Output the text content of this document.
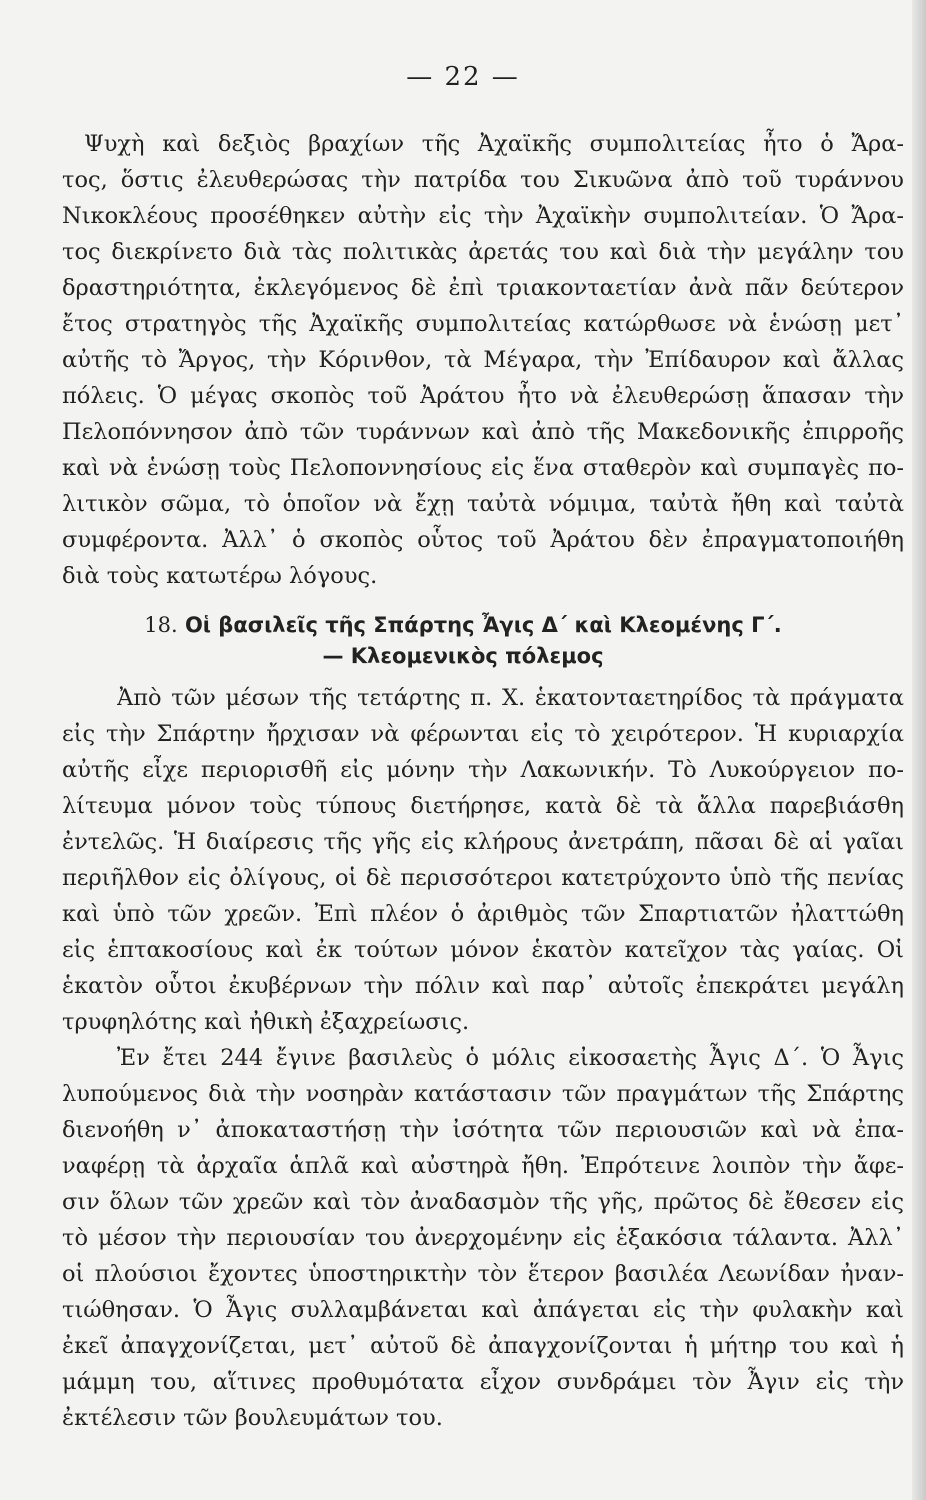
— 22 —
Ψυχὴ καὶ δεξιὸς βραχίων τῆς Ἀχαϊκῆς συμπολιτείας ἦτο ὁ Ἄρα-
τος, ὅστις ἐλευθερώσας τὴν πατρίδα του Σικυῶνα ἀπὸ τοῦ τυράννου
Νικοκλέους προσέθηκεν αὐτὴν εἰς τὴν Ἀχαϊκὴν συμπολιτείαν. Ὁ Ἄρα-
τος διεκρίνετο διὰ τὰς πολιτικὰς ἀρετάς του καὶ διὰ τὴν μεγάλην του
δραστηριότητα, ἐκλεγόμενος δὲ ἐπὶ τριακονταετίαν ἀνὰ πᾶν δεύτερον
ἔτος στρατηγὸς τῆς Ἀχαϊκῆς συμπολιτείας κατώρθωσε νὰ ἑνώσῃ μετ᾽
αὐτῆς τὸ Ἄργος, τὴν Κόρινθον, τὰ Μέγαρα, τὴν Ἐπίδαυρον καὶ ἄλλας
πόλεις. Ὁ μέγας σκοπὸς τοῦ Ἀράτου ἦτο νὰ ἐλευθερώσῃ ἅπασαν τὴν
Πελοπόννησον ἀπὸ τῶν τυράννων καὶ ἀπὸ τῆς Μακεδονικῆς ἐπιρροῆς
καὶ νὰ ἑνώσῃ τοὺς Πελοποννησίους εἰς ἕνα σταθερὸν καὶ συμπαγὲς πο-
λιτικὸν σῶμα, τὸ ὁποῖον νὰ ἔχῃ ταὐτὰ νόμιμα, ταὐτὰ ἤθη καὶ ταὐτὰ
συμφέροντα. Ἀλλ᾽ ὁ σκοπὸς οὗτος τοῦ Ἀράτου δὲν ἐπραγματοποιήθη
διὰ τοὺς κατωτέρω λόγους.
18. Οἱ βασιλεῖς τῆς Σπάρτης Ἆγις Δ΄ καὶ Κλεομένης Γ΄.
— Κλεομενικὸς πόλεμος
Ἀπὸ τῶν μέσων τῆς τετάρτης π. Χ. ἑκατονταετηρίδος τὰ πράγματα
εἰς τὴν Σπάρτην ἤρχισαν νὰ φέρωνται εἰς τὸ χειρότερον. Ἡ κυριαρχία
αὐτῆς εἶχε περιορισθῆ εἰς μόνην τὴν Λακωνικήν. Τὸ Λυκούργειον πο-
λίτευμα μόνον τοὺς τύπους διετήρησε, κατὰ δὲ τὰ ἄλλα παρεβιάσθη
ἐντελῶς. Ἡ διαίρεσις τῆς γῆς εἰς κλήρους ἀνετράπη, πᾶσαι δὲ αἱ γαῖαι
περιῆλθον εἰς ὀλίγους, οἱ δὲ περισσότεροι κατετρύχοντο ὑπὸ τῆς πενίας
καὶ ὑπὸ τῶν χρεῶν. Ἐπὶ πλέον ὁ ἀριθμὸς τῶν Σπαρτιατῶν ἠλαττώθη
εἰς ἑπτακοσίους καὶ ἐκ τούτων μόνον ἑκατὸν κατεῖχον τὰς γαίας. Οἱ
ἑκατὸν οὗτοι ἐκυβέρνων τὴν πόλιν καὶ παρ᾽ αὐτοῖς ἐπεκράτει μεγάλη
τρυφηλότης καὶ ἠθικὴ ἐξαχρείωσις.
Ἐν ἔτει 244 ἔγινε βασιλεὺς ὁ μόλις εἰκοσαετὴς Ἆγις Δ΄. Ὁ Ἆγις
λυπούμενος διὰ τὴν νοσηρὰν κατάστασιν τῶν πραγμάτων τῆς Σπάρτης
διενοήθη ν᾽ ἀποκαταστήσῃ τὴν ἰσότητα τῶν περιουσιῶν καὶ νὰ ἐπα-
ναφέρῃ τὰ ἀρχαῖα ἁπλᾶ καὶ αὐστηρὰ ἤθη. Ἐπρότεινε λοιπὸν τὴν ἄφε-
σιν ὅλων τῶν χρεῶν καὶ τὸν ἀναδασμὸν τῆς γῆς, πρῶτος δὲ ἔθεσεν εἰς
τὸ μέσον τὴν περιουσίαν του ἀνερχομένην εἰς ἑξακόσια τάλαντα. Ἀλλ᾽
οἱ πλούσιοι ἔχοντες ὑποστηρικτὴν τὸν ἕτερον βασιλέα Λεωνίδαν ἠναν-
τιώθησαν. Ὁ Ἆγις συλλαμβάνεται καὶ ἀπάγεται εἰς τὴν φυλακὴν καὶ
ἐκεῖ ἀπαγχονίζεται, μετ᾽ αὐτοῦ δὲ ἀπαγχονίζονται ἡ μήτηρ του καὶ ἡ
μάμμη του, αἵτινες προθυμότατα εἶχον συνδράμει τὸν Ἆγιν εἰς τὴν
ἐκτέλεσιν τῶν βουλευμάτων του.
